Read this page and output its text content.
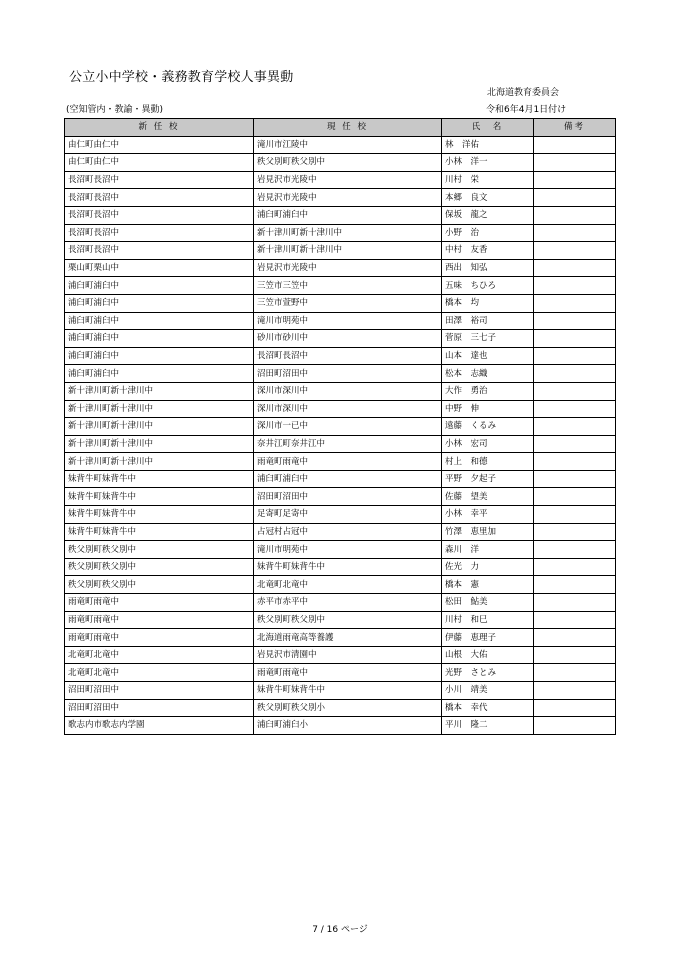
公立小中学校・義務教育学校人事異動
北海道教育委員会
(空知管内・教諭・異動)	令和6年4月1日付け
新 任 校	現 任 校	氏　名	備考
由仁町由仁中	滝川市江陵中	林　洋佑	
由仁町由仁中	秩父別町秩父別中	小林　洋一	
長沼町長沼中	岩見沢市光陵中	川村　栄	
長沼町長沼中	岩見沢市光陵中	本郷　良文	
長沼町長沼中	浦臼町浦臼中	保坂　龍之	
長沼町長沼中	新十津川町新十津川中	小野　治	
長沼町長沼中	新十津川町新十津川中	中村　友香	
栗山町栗山中	岩見沢市光陵中	西出　知弘	
浦臼町浦臼中	三笠市三笠中	五味　ちひろ	
浦臼町浦臼中	三笠市萱野中	橋本　均	
浦臼町浦臼中	滝川市明苑中	田澤　裕司	
浦臼町浦臼中	砂川市砂川中	菅原　三七子	
浦臼町浦臼中	長沼町長沼中	山本　達也	
浦臼町浦臼中	沼田町沼田中	松本　志織	
新十津川町新十津川中	深川市深川中	大作　勇治	
新十津川町新十津川中	深川市深川中	中野　伸	
新十津川町新十津川中	深川市一已中	遠藤　くるみ	
新十津川町新十津川中	奈井江町奈井江中	小林　宏司	
新十津川町新十津川中	雨竜町雨竜中	村上　和德	
妹背牛町妹背牛中	浦臼町浦臼中	平野　夕起子	
妹背牛町妹背牛中	沼田町沼田中	佐藤　望美	
妹背牛町妹背牛中	足寄町足寄中	小林　幸平	
妹背牛町妹背牛中	占冠村占冠中	竹澤　恵里加	
秩父別町秩父別中	滝川市明苑中	森川　洋	
秩父別町秩父別中	妹背牛町妹背牛中	佐光　力	
秩父別町秩父別中	北竜町北竜中	橋本　憲	
雨竜町雨竜中	赤平市赤平中	松田　鮎美	
雨竜町雨竜中	秩父別町秩父別中	川村　和巳	
雨竜町雨竜中	北海道雨竜高等養護	伊藤　恵理子	
北竜町北竜中	岩見沢市清園中	山根　大佑	
北竜町北竜中	雨竜町雨竜中	光野　さとみ	
沼田町沼田中	妹背牛町妹背牛中	小川　靖美	
沼田町沼田中	秩父別町秩父別小	橋本　幸代	
歌志内市歌志内学園	浦臼町浦臼小	平川　隆二	
7 / 16 ページ
